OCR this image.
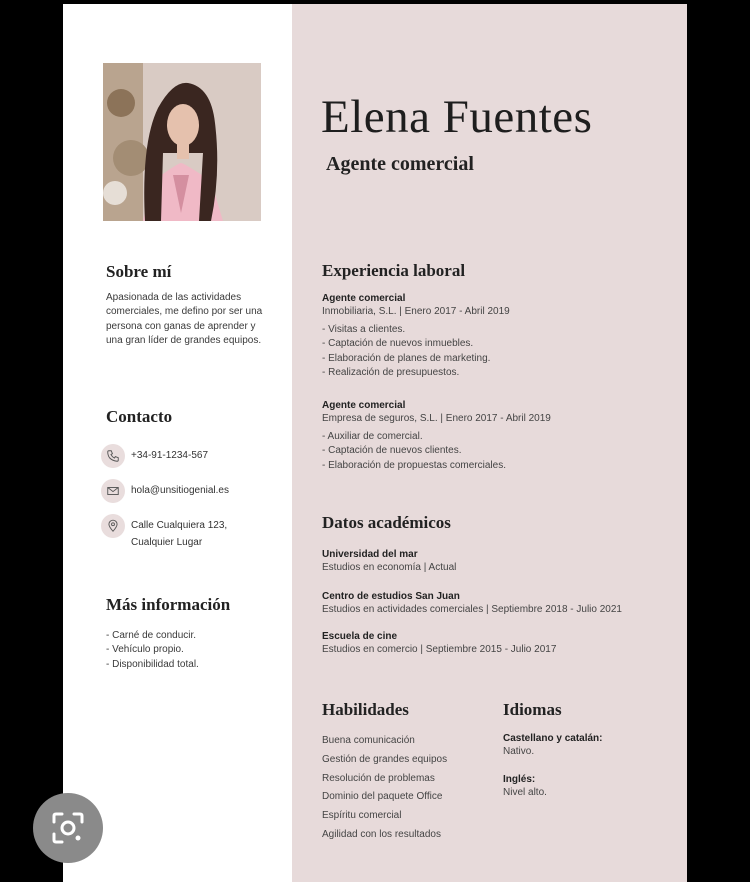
Sobre mí
Apasionada de las actividades comerciales, me defino por ser una persona con ganas de aprender y una gran líder de grandes equipos.
Contacto
+34-91-1234-567
hola@unsitiogenial.es
Calle Cualquiera 123,
Cualquier Lugar
Más información
- Carné de conducir.
- Vehículo propio.
- Disponibilidad total.
Elena Fuentes
Agente comercial
Experiencia laboral
Agente comercial
Inmobiliaria, S.L. | Enero 2017 - Abril 2019
- Visitas a clientes.
- Captación de nuevos inmuebles.
- Elaboración de planes de marketing.
- Realización de presupuestos.
Agente comercial
Empresa de seguros, S.L. | Enero 2017 - Abril 2019
- Auxiliar de comercial.
- Captación de nuevos clientes.
- Elaboración de propuestas comerciales.
Datos académicos
Universidad del mar
Estudios en economía | Actual
Centro de estudios San Juan
Estudios en actividades comerciales | Septiembre 2018 - Julio 2021
Escuela de cine
Estudios en comercio | Septiembre 2015 - Julio 2017
Habilidades
Buena comunicación
Gestión de grandes equipos
Resolución de problemas
Dominio del paquete Office
Espíritu comercial
Agilidad con los resultados
Idiomas
Castellano y catalán:
Nativo.
Inglés:
Nivel alto.
